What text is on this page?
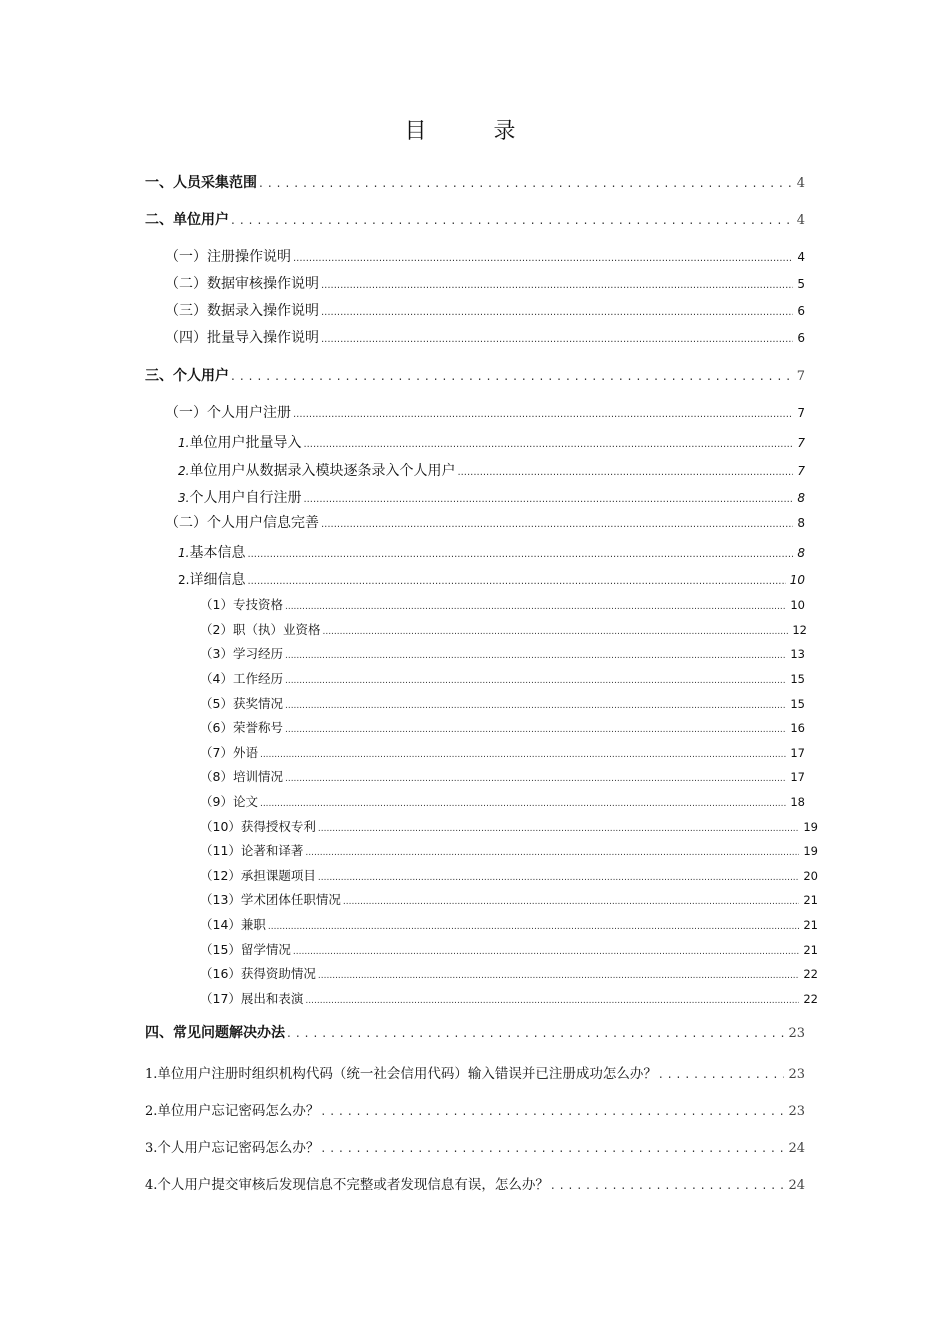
目 录
一、人员采集范围 .....	4
二、单位用户 .....	4
（一）注册操作说明 .....	4
（二）数据审核操作说明 .....	5
（三）数据录入操作说明 .....	6
（四）批量导入操作说明 .....	6
三、个人用户 .....	7
（一）个人用户注册 .....	7
1. 单位用户批量导入 .....	7
2. 单位用户从数据录入模块逐条录入个人用户 .....	7
3. 个人用户自行注册 .....	8
（二）个人用户信息完善 .....	8
1. 基本信息 .....	8
2. 详细信息 .....	10
（1）专技资格 .....	10
（2）职（执）业资格 .....	12
（3）学习经历 .....	13
（4）工作经历 .....	15
（5）获奖情况 .....	15
（6）荣誉称号 .....	16
（7）外语 .....	17
（8）培训情况 .....	17
（9）论文 .....	18
（10）获得授权专利 .....	19
（11）论著和译著 .....	19
（12）承担课题项目 .....	20
（13）学术团体任职情况 .....	21
（14）兼职 .....	21
（15）留学情况 .....	21
（16）获得资助情况 .....	22
（17）展出和表演 .....	22
四、常见问题解决办法 .....	23
1. 单位用户注册时组织机构代码（统一社会信用代码）输入错误并已注册成功怎么办？ .....	23
2. 单位用户忘记密码怎么办？ .....	23
3. 个人用户忘记密码怎么办？ .....	24
4. 个人用户提交审核后发现信息不完整或者发现信息有误，怎么办？ .....	24
